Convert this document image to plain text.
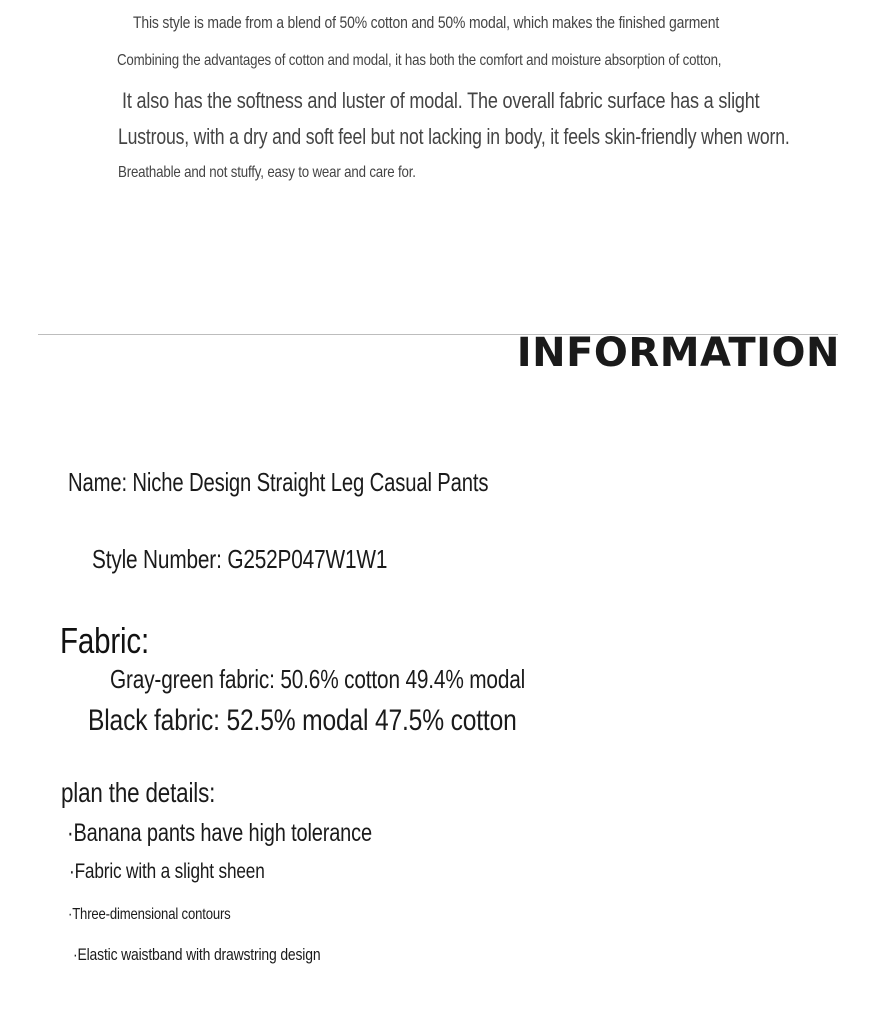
This style is made from a blend of 50% cotton and 50% modal, which makes the finished garment
Combining the advantages of cotton and modal, it has both the comfort and moisture absorption of cotton,
It also has the softness and luster of modal. The overall fabric surface has a slight
Lustrous, with a dry and soft feel but not lacking in body, it feels skin-friendly when worn.
Breathable and not stuffy, easy to wear and care for.
INFORMATION
Name: Niche Design Straight Leg Casual Pants
Style Number: G252P047W1W1
Fabric:
Gray-green fabric: 50.6% cotton 49.4% modal
Black fabric: 52.5% modal 47.5% cotton
plan the details:
·Banana pants have high tolerance
·Fabric with a slight sheen
·Three-dimensional contours
·Elastic waistband with drawstring design
